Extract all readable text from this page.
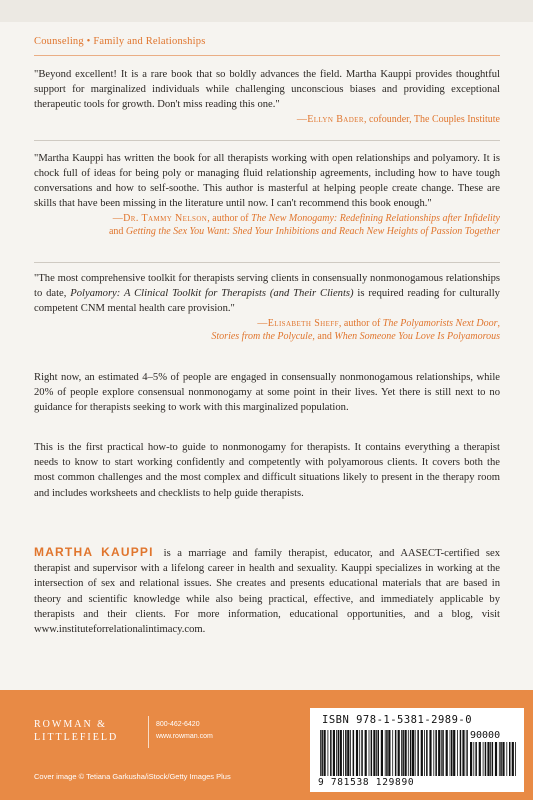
Counseling • Family and Relationships

"Beyond excellent! It is a rare book that so boldly advances the field. Martha Kauppi provides thoughtful support for marginalized individuals while challenging unconscious biases and providing exceptional therapeutic tools for growth. Don't miss reading this one."

—Ellyn Bader, cofounder, The Couples Institute

"Martha Kauppi has written the book for all therapists working with open relationships and polyamory. It is chock full of ideas for being poly or managing fluid relationship agreements, including how to have tough conversations and how to self-soothe. This author is masterful at helping people create change. These are skills that have been missing in the literature until now. I can't recommend this book enough."

—Dr. Tammy Nelson, author of The New Monogamy: Redefining Relationships after Infidelity
and Getting the Sex You Want: Shed Your Inhibitions and Reach New Heights of Passion Together

"The most comprehensive toolkit for therapists serving clients in consensually nonmonogamous relationships to date, Polyamory: A Clinical Toolkit for Therapists (and Their Clients) is required reading for culturally competent CNM mental health care provision."

—Elisabeth Sheff, author of The Polyamorists Next Door,
Stories from the Polycule, and When Someone You Love Is Polyamorous
Right now, an estimated 4–5% of people are engaged in consensually nonmonogamous relationships, while 20% of people explore consensual nonmonogamy at some point in their lives. Yet there is still next to no guidance for therapists seeking to work with this marginalized population.
This is the first practical how-to guide to nonmonogamy for therapists. It contains everything a therapist needs to know to start working confidently and competently with polyamorous clients. It covers both the most common challenges and the most complex and difficult situations likely to present in the therapy room and includes worksheets and checklists to help guide therapists.
MARTHA KAUPPI is a marriage and family therapist, educator, and AASECT-certified sex therapist and supervisor with a lifelong career in health and sexuality. Kauppi specializes in working at the intersection of sex and relational issues. She creates and presents educational materials that are based in theory and scientific knowledge while also being practical, effective, and immediately applicable by therapists and their clients. For more information, educational opportunities, and a blog, visit www.instituteforrelationalintimacy.com.
ROWMAN &
LITTLEFIELD
800-462-6420
www.rowman.com
Cover image © Tetiana Garkusha/iStock/Getty Images Plus
ISBN 978-1-5381-2989-0
90000
9 781538 129890
